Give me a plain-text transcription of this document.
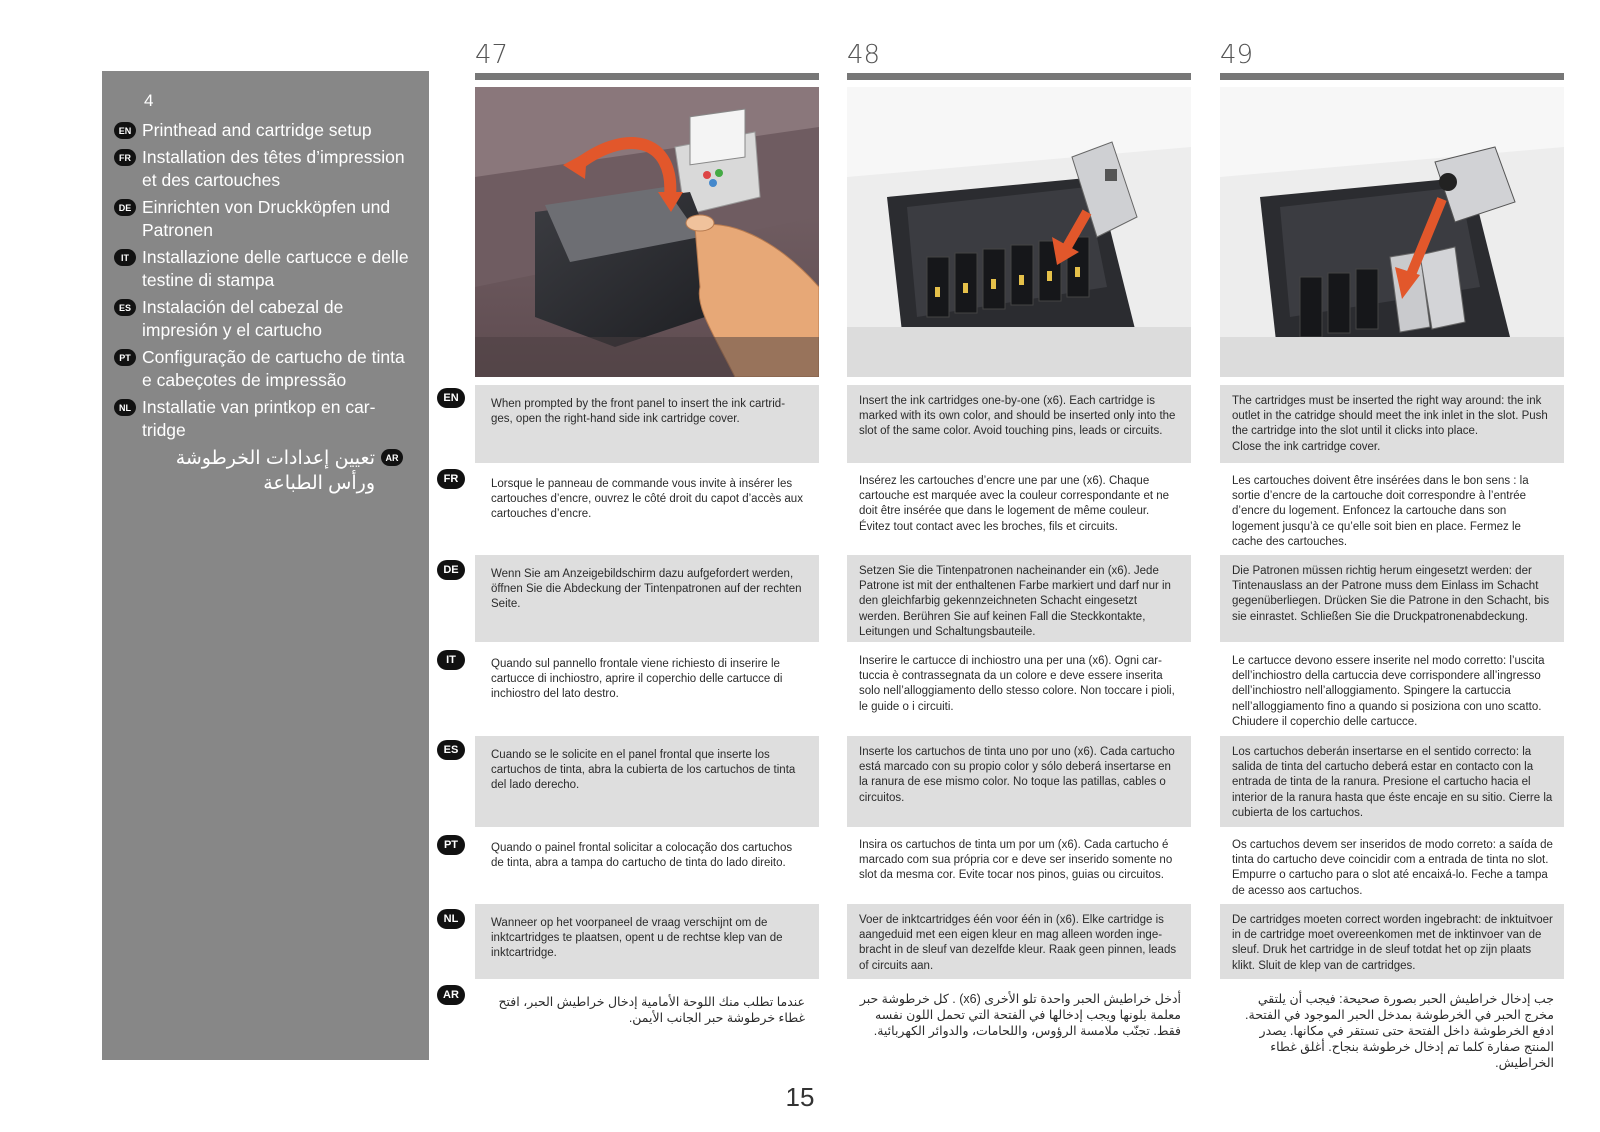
4
EN Printhead and cartridge setup
FR Installation des têtes d’impression et des cartouches
DE Einrichten von Druckköpfen und Patronen
IT Installazione delle cartucce e delle testine di stampa
ES Instalación del cabezal de impresión y el cartucho
PT Configuração de cartucho de tinta e cabeçotes de impressão
NL Installatie van printkop en car-tridge
AR
تعيين إعدادات الخرطوشة ورأس الطباعة
47	48	49
EN
FR
DE
IT
ES
PT
NL
AR
When prompted by the front panel to insert the ink cartrid-ges, open the right-hand side ink cartridge cover.
Insert the ink cartridges one-by-one (x6). Each cartridge is marked with its own color, and should be inserted only into the slot of the same color. Avoid touching pins, leads or circuits.
The cartridges must be inserted the right way around: the ink outlet in the catridge should meet the ink inlet in the slot. Push the cartridge into the slot until it clicks into place.
Close the ink cartridge cover.
Lorsque le panneau de commande vous invite à insérer les cartouches d’encre, ouvrez le côté droit du capot d’accès aux cartouches d’encre.
Insérez les cartouches d’encre une par une (x6). Chaque cartouche est marquée avec la couleur correspondante et ne doit être insérée que dans le logement de même couleur. Évitez tout contact avec les broches, fils et circuits.
Les cartouches doivent être insérées dans le bon sens : la sortie d’encre de la cartouche doit correspondre à l’entrée d’encre du logement. Enfoncez la cartouche dans son logement jusqu’à ce qu’elle soit bien en place. Fermez le cache des cartouches.
Wenn Sie am Anzeigebildschirm dazu aufgefordert werden, öffnen Sie die Abdeckung der Tintenpatronen auf der rechten Seite.
Setzen Sie die Tintenpatronen nacheinander ein (x6). Jede Patrone ist mit der enthaltenen Farbe markiert und darf nur in den gleichfarbig gekennzeichneten Schacht eingesetzt werden. Berühren Sie auf keinen Fall die Steckkontakte, Leitungen und Schaltungsbauteile.
Die Patronen müssen richtig herum eingesetzt werden: der Tintenauslass an der Patrone muss dem Einlass im Schacht gegenüberliegen. Drücken Sie die Patrone in den Schacht, bis sie einrastet. Schließen Sie die Druckpatronenabdeckung.
Quando sul pannello frontale viene richiesto di inserire le cartucce di inchiostro, aprire il coperchio delle cartucce di inchiostro del lato destro.
Inserire le cartucce di inchiostro una per una (x6). Ogni car-tuccia è contrassegnata da un colore e deve essere inserita solo nell’alloggiamento dello stesso colore. Non toccare i pioli, le guide o i circuiti.
Le cartucce devono essere inserite nel modo corretto: l’uscita dell’inchiostro della cartuccia deve corrispondere all’ingresso dell’inchiostro nell’alloggiamento. Spingere la cartuccia nell’alloggiamento fino a quando si posiziona con uno scatto. Chiudere il coperchio delle cartucce.
Cuando se le solicite en el panel frontal que inserte los cartuchos de tinta, abra la cubierta de los cartuchos de tinta del lado derecho.
Inserte los cartuchos de tinta uno por uno (x6). Cada cartucho está marcado con su propio color y sólo deberá insertarse en la ranura de ese mismo color. No toque las patillas, cables o circuitos.
Los cartuchos deberán insertarse en el sentido correcto: la salida de tinta del cartucho deberá estar en contacto con la entrada de tinta de la ranura. Presione el cartucho hacia el interior de la ranura hasta que éste encaje en su sitio. Cierre la cubierta de los cartuchos.
Quando o painel frontal solicitar a colocação dos cartuchos de tinta, abra a tampa do cartucho de tinta do lado direito.
Insira os cartuchos de tinta um por um (x6). Cada cartucho é marcado com sua própria cor e deve ser inserido somente no slot da mesma cor. Evite tocar nos pinos, guias ou circuitos.
Os cartuchos devem ser inseridos de modo correto: a saída de tinta do cartucho deve coincidir com a entrada de tinta no slot. Empurre o cartucho para o slot até encaixá-lo. Feche a tampa de acesso aos cartuchos.
Wanneer op het voorpaneel de vraag verschijnt om de inktcartridges te plaatsen, opent u de rechtse klep van de inktcartridge.
Voer de inktcartridges één voor één in (x6). Elke cartridge is aangeduid met een eigen kleur en mag alleen worden inge-bracht in de sleuf van dezelfde kleur. Raak geen pinnen, leads of circuits aan.
De cartridges moeten correct worden ingebracht: de inktuitvoer in de cartridge moet overeenkomen met de inktinvoer van de sleuf. Druk het cartridge in de sleuf totdat het op zijn plaats klikt. Sluit de klep van de cartridges.
عندما تطلب منك اللوحة الأمامية إدخال خراطيش الحبر، افتح غطاء خرطوشة حبر الجانب الأيمن.
أدخل خراطيش الحبر واحدة تلو الأخرى (x6) . كل خرطوشة حبر معلمة بلونها ويجب إدخالها في الفتحة التي تحمل اللون نفسه فقط. تجنّب ملامسة الرؤوس، واللحامات، والدوائر الكهربائية.
جب إدخال خراطيش الحبر بصورة صحيحة: فيجب أن يلتقي مخرج الحبر في الخرطوشة بمدخل الحبر الموجود في الفتحة. ادفع الخرطوشة داخل الفتحة حتى تستقر في مكانها. يصدر المنتج صفارة كلما تم إدخال خرطوشة بنجاح. أغلق غطاء الخراطيش.
15
